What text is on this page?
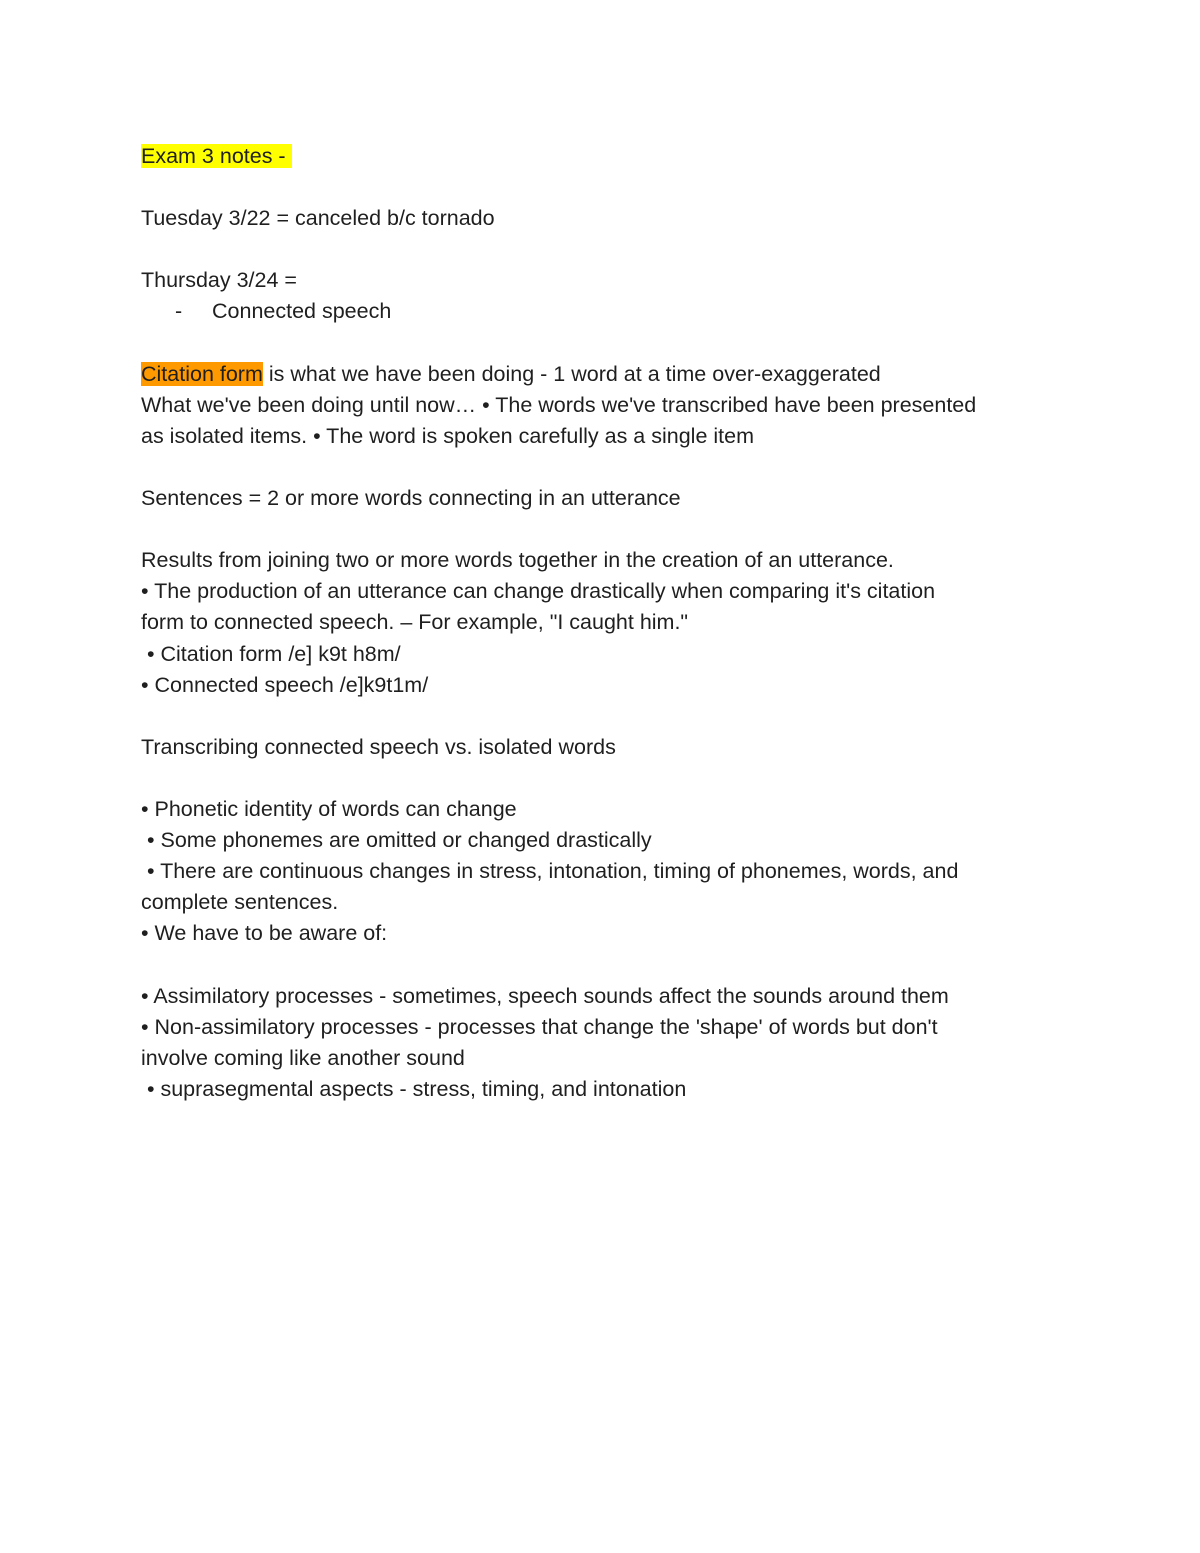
Exam 3 notes -
Tuesday 3/22 = canceled b/c tornado
Thursday 3/24 =
-	Connected speech
Citation form is what we have been doing - 1 word at a time over-exaggerated
What we've been doing until now… • The words we've transcribed have been presented
as isolated items. • The word is spoken carefully as a single item
Sentences = 2 or more words connecting in an utterance
Results from joining two or more words together in the creation of an utterance.
• The production of an utterance can change drastically when comparing it's citation
form to connected speech. – For example, "I caught him."
• Citation form /e] k9t h8m/
• Connected speech /e]k9t1m/
Transcribing connected speech vs. isolated words
• Phonetic identity of words can change
• Some phonemes are omitted or changed drastically
• There are continuous changes in stress, intonation, timing of phonemes, words, and
complete sentences.
• We have to be aware of:
• Assimilatory processes - sometimes, speech sounds affect the sounds around them
• Non-assimilatory processes - processes that change the 'shape' of words but don't
involve coming like another sound
• suprasegmental aspects - stress, timing, and intonation
